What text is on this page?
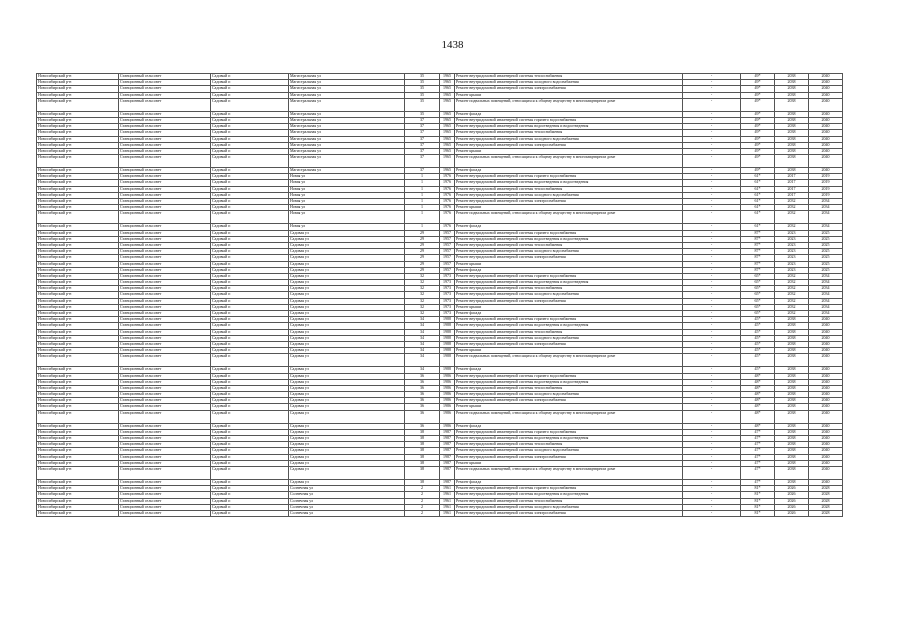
1438
Новосибирский р-н	Станционный сельсовет	Садовый п	Магистральная ул	35	1965	Ремонт внутридомовой инженерной системы теплоснабжения	-	49*	2038	2040
Новосибирский р-н	Станционный сельсовет	Садовый п	Магистральная ул	35	1965	Ремонт внутридомовой инженерной системы холодного водоснабжения	-	49*	2038	2040
Новосибирский р-н	Станционный сельсовет	Садовый п	Магистральная ул	35	1965	Ремонт внутридомовой инженерной системы электроснабжения	-	49*	2038	2040
Новосибирский р-н	Станционный сельсовет	Садовый п	Магистральная ул	35	1965	Ремонт крыши	-	49*	2038	2040
Новосибирский р-н	Станционный сельсовет	Садовый п	Магистральная ул	35	1965	Ремонт подвальных помещений, относящихся к общему имуществу в многоквартирном доме	-	49*	2038	2040
Новосибирский р-н	Станционный сельсовет	Садовый п	Магистральная ул	35	1965	Ремонт фасада	-	49*	2038	2040
Новосибирский р-н	Станционный сельсовет	Садовый п	Магистральная ул	37	1965	Ремонт внутридомовой инженерной системы горячего водоснабжения	-	49*	2038	2040
Новосибирский р-н	Станционный сельсовет	Садовый п	Магистральная ул	37	1965	Ремонт внутридомовой инженерной системы водоотведения и водоотведения	-	49*	2038	2040
Новосибирский р-н	Станционный сельсовет	Садовый п	Магистральная ул	37	1965	Ремонт внутридомовой инженерной системы теплоснабжения	-	49*	2038	2040
Новосибирский р-н	Станционный сельсовет	Садовый п	Магистральная ул	37	1965	Ремонт внутридомовой инженерной системы холодного водоснабжения	-	49*	2038	2040
Новосибирский р-н	Станционный сельсовет	Садовый п	Магистральная ул	37	1965	Ремонт внутридомовой инженерной системы электроснабжения	-	49*	2038	2040
Новосибирский р-н	Станционный сельсовет	Садовый п	Магистральная ул	37	1965	Ремонт крыши	-	49*	2038	2040
Новосибирский р-н	Станционный сельсовет	Садовый п	Магистральная ул	37	1965	Ремонт подвальных помещений, относящихся к общему имуществу в многоквартирном доме	-	49*	2038	2040
Новосибирский р-н	Станционный сельсовет	Садовый п	Магистральная ул	37	1965	Ремонт фасада	-	49*	2038	2040
Новосибирский р-н	Станционный сельсовет	Садовый п	Новая ул	1	1976	Ремонт внутридомовой инженерной системы горячего водоснабжения	-	61*	2017	2019
Новосибирский р-н	Станционный сельсовет	Садовый п	Новая ул	1	1976	Ремонт внутридомовой инженерной системы водоотведения и водоотведения	-	61*	2017	2019
Новосибирский р-н	Станционный сельсовет	Садовый п	Новая ул	1	1976	Ремонт внутридомовой инженерной системы теплоснабжения	-	61*	2017	2019
Новосибирский р-н	Станционный сельсовет	Садовый п	Новая ул	1	1976	Ремонт внутридомовой инженерной системы холодного водоснабжения	-	61*	2017	2019
Новосибирский р-н	Станционный сельсовет	Садовый п	Новая ул	1	1976	Ремонт внутридомовой инженерной системы электроснабжения	-	61*	2032	2034
Новосибирский р-н	Станционный сельсовет	Садовый п	Новая ул	1	1976	Ремонт крыши	-	61*	2032	2034
Новосибирский р-н	Станционный сельсовет	Садовый п	Новая ул	1	1976	Ремонт подвальных помещений, относящихся к общему имуществу в многоквартирном доме	-	61*	2032	2034
Новосибирский р-н	Станционный сельсовет	Садовый п	Новая ул	1	1976	Ремонт фасада	-	61*	2032	2034
Новосибирский р-н	Станционный сельсовет	Садовый п	Садовая ул	29	1957	Ремонт внутридомовой инженерной системы горячего водоснабжения	-	87*	2023	2025
Новосибирский р-н	Станционный сельсовет	Садовый п	Садовая ул	29	1957	Ремонт внутридомовой инженерной системы водоотведения и водоотведения	-	87*	2023	2025
Новосибирский р-н	Станционный сельсовет	Садовый п	Садовая ул	29	1957	Ремонт внутридомовой инженерной системы теплоснабжения	-	87*	2023	2025
Новосибирский р-н	Станционный сельсовет	Садовый п	Садовая ул	29	1957	Ремонт внутридомовой инженерной системы холодного водоснабжения	-	87*	2023	2025
Новосибирский р-н	Станционный сельсовет	Садовый п	Садовая ул	29	1957	Ремонт внутридомовой инженерной системы электроснабжения	-	87*	2023	2025
Новосибирский р-н	Станционный сельсовет	Садовый п	Садовая ул	29	1957	Ремонт крыши	-	87*	2023	2025
Новосибирский р-н	Станционный сельсовет	Садовый п	Садовая ул	29	1957	Ремонт фасада	-	87*	2023	2025
Новосибирский р-н	Станционный сельсовет	Садовый п	Садовая ул	32	1973	Ремонт внутридомовой инженерной системы горячего водоснабжения	-	65*	2032	2034
Новосибирский р-н	Станционный сельсовет	Садовый п	Садовая ул	32	1973	Ремонт внутридомовой инженерной системы водоотведения и водоотведения	-	65*	2032	2034
Новосибирский р-н	Станционный сельсовет	Садовый п	Садовая ул	32	1973	Ремонт внутридомовой инженерной системы теплоснабжения	-	65*	2032	2034
Новосибирский р-н	Станционный сельсовет	Садовый п	Садовая ул	32	1973	Ремонт внутридомовой инженерной системы холодного водоснабжения	-	65*	2032	2034
Новосибирский р-н	Станционный сельсовет	Садовый п	Садовая ул	32	1973	Ремонт внутридомовой инженерной системы электроснабжения	-	65*	2032	2034
Новосибирский р-н	Станционный сельсовет	Садовый п	Садовая ул	32	1973	Ремонт крыши	-	65*	2032	2034
Новосибирский р-н	Станционный сельсовет	Садовый п	Садовая ул	32	1973	Ремонт фасада	-	65*	2032	2034
Новосибирский р-н	Станционный сельсовет	Садовый п	Садовая ул	34	1988	Ремонт внутридомовой инженерной системы горячего водоснабжения	-	45*	2038	2040
Новосибирский р-н	Станционный сельсовет	Садовый п	Садовая ул	34	1988	Ремонт внутридомовой инженерной системы водоотведения и водоотведения	-	45*	2038	2040
Новосибирский р-н	Станционный сельсовет	Садовый п	Садовая ул	34	1988	Ремонт внутридомовой инженерной системы теплоснабжения	-	45*	2038	2040
Новосибирский р-н	Станционный сельсовет	Садовый п	Садовая ул	34	1988	Ремонт внутридомовой инженерной системы холодного водоснабжения	-	45*	2038	2040
Новосибирский р-н	Станционный сельсовет	Садовый п	Садовая ул	34	1988	Ремонт внутридомовой инженерной системы электроснабжения	-	45*	2038	2040
Новосибирский р-н	Станционный сельсовет	Садовый п	Садовая ул	34	1988	Ремонт крыши	-	45*	2038	2040
Новосибирский р-н	Станционный сельсовет	Садовый п	Садовая ул	34	1988	Ремонт подвальных помещений, относящихся к общему имуществу в многоквартирном доме	-	45*	2038	2040
Новосибирский р-н	Станционный сельсовет	Садовый п	Садовая ул	34	1988	Ремонт фасада	-	45*	2038	2040
Новосибирский р-н	Станционный сельсовет	Садовый п	Садовая ул	36	1986	Ремонт внутридомовой инженерной системы горячего водоснабжения	-	48*	2038	2040
Новосибирский р-н	Станционный сельсовет	Садовый п	Садовая ул	36	1986	Ремонт внутридомовой инженерной системы водоотведения и водоотведения	-	48*	2038	2040
Новосибирский р-н	Станционный сельсовет	Садовый п	Садовая ул	36	1986	Ремонт внутридомовой инженерной системы теплоснабжения	-	48*	2038	2040
Новосибирский р-н	Станционный сельсовет	Садовый п	Садовая ул	36	1986	Ремонт внутридомовой инженерной системы холодного водоснабжения	-	48*	2038	2040
Новосибирский р-н	Станционный сельсовет	Садовый п	Садовая ул	36	1986	Ремонт внутридомовой инженерной системы электроснабжения	-	48*	2038	2040
Новосибирский р-н	Станционный сельсовет	Садовый п	Садовая ул	36	1986	Ремонт крыши	-	48*	2038	2040
Новосибирский р-н	Станционный сельсовет	Садовый п	Садовая ул	36	1986	Ремонт подвальных помещений, относящихся к общему имуществу в многоквартирном доме	-	48*	2038	2040
Новосибирский р-н	Станционный сельсовет	Садовый п	Садовая ул	36	1986	Ремонт фасада	-	48*	2038	2040
Новосибирский р-н	Станционный сельсовет	Садовый п	Садовая ул	38	1987	Ремонт внутридомовой инженерной системы горячего водоснабжения	-	47*	2038	2040
Новосибирский р-н	Станционный сельсовет	Садовый п	Садовая ул	38	1987	Ремонт внутридомовой инженерной системы водоотведения и водоотведения	-	47*	2038	2040
Новосибирский р-н	Станционный сельсовет	Садовый п	Садовая ул	38	1987	Ремонт внутридомовой инженерной системы теплоснабжения	-	47*	2038	2040
Новосибирский р-н	Станционный сельсовет	Садовый п	Садовая ул	38	1987	Ремонт внутридомовой инженерной системы холодного водоснабжения	-	47*	2038	2040
Новосибирский р-н	Станционный сельсовет	Садовый п	Садовая ул	38	1987	Ремонт внутридомовой инженерной системы электроснабжения	-	47*	2038	2040
Новосибирский р-н	Станционный сельсовет	Садовый п	Садовая ул	38	1987	Ремонт крыши	-	47*	2038	2040
Новосибирский р-н	Станционный сельсовет	Садовый п	Садовая ул	38	1987	Ремонт подвальных помещений, относящихся к общему имуществу в многоквартирном доме	-	47*	2038	2040
Новосибирский р-н	Станционный сельсовет	Садовый п	Садовая ул	38	1987	Ремонт фасада	-	47*	2038	2040
Новосибирский р-н	Станционный сельсовет	Садовый п	Солнечная ул	2	1961	Ремонт внутридомовой инженерной системы горячего водоснабжения	-	81*	2026	2028
Новосибирский р-н	Станционный сельсовет	Садовый п	Солнечная ул	2	1961	Ремонт внутридомовой инженерной системы водоотведения и водоотведения	-	81*	2026	2028
Новосибирский р-н	Станционный сельсовет	Садовый п	Солнечная ул	2	1961	Ремонт внутридомовой инженерной системы теплоснабжения	-	81*	2026	2028
Новосибирский р-н	Станционный сельсовет	Садовый п	Солнечная ул	2	1961	Ремонт внутридомовой инженерной системы холодного водоснабжения	-	81*	2026	2028
Новосибирский р-н	Станционный сельсовет	Садовый п	Солнечная ул	2	1961	Ремонт внутридомовой инженерной системы электроснабжения	-	81*	2026	2028
